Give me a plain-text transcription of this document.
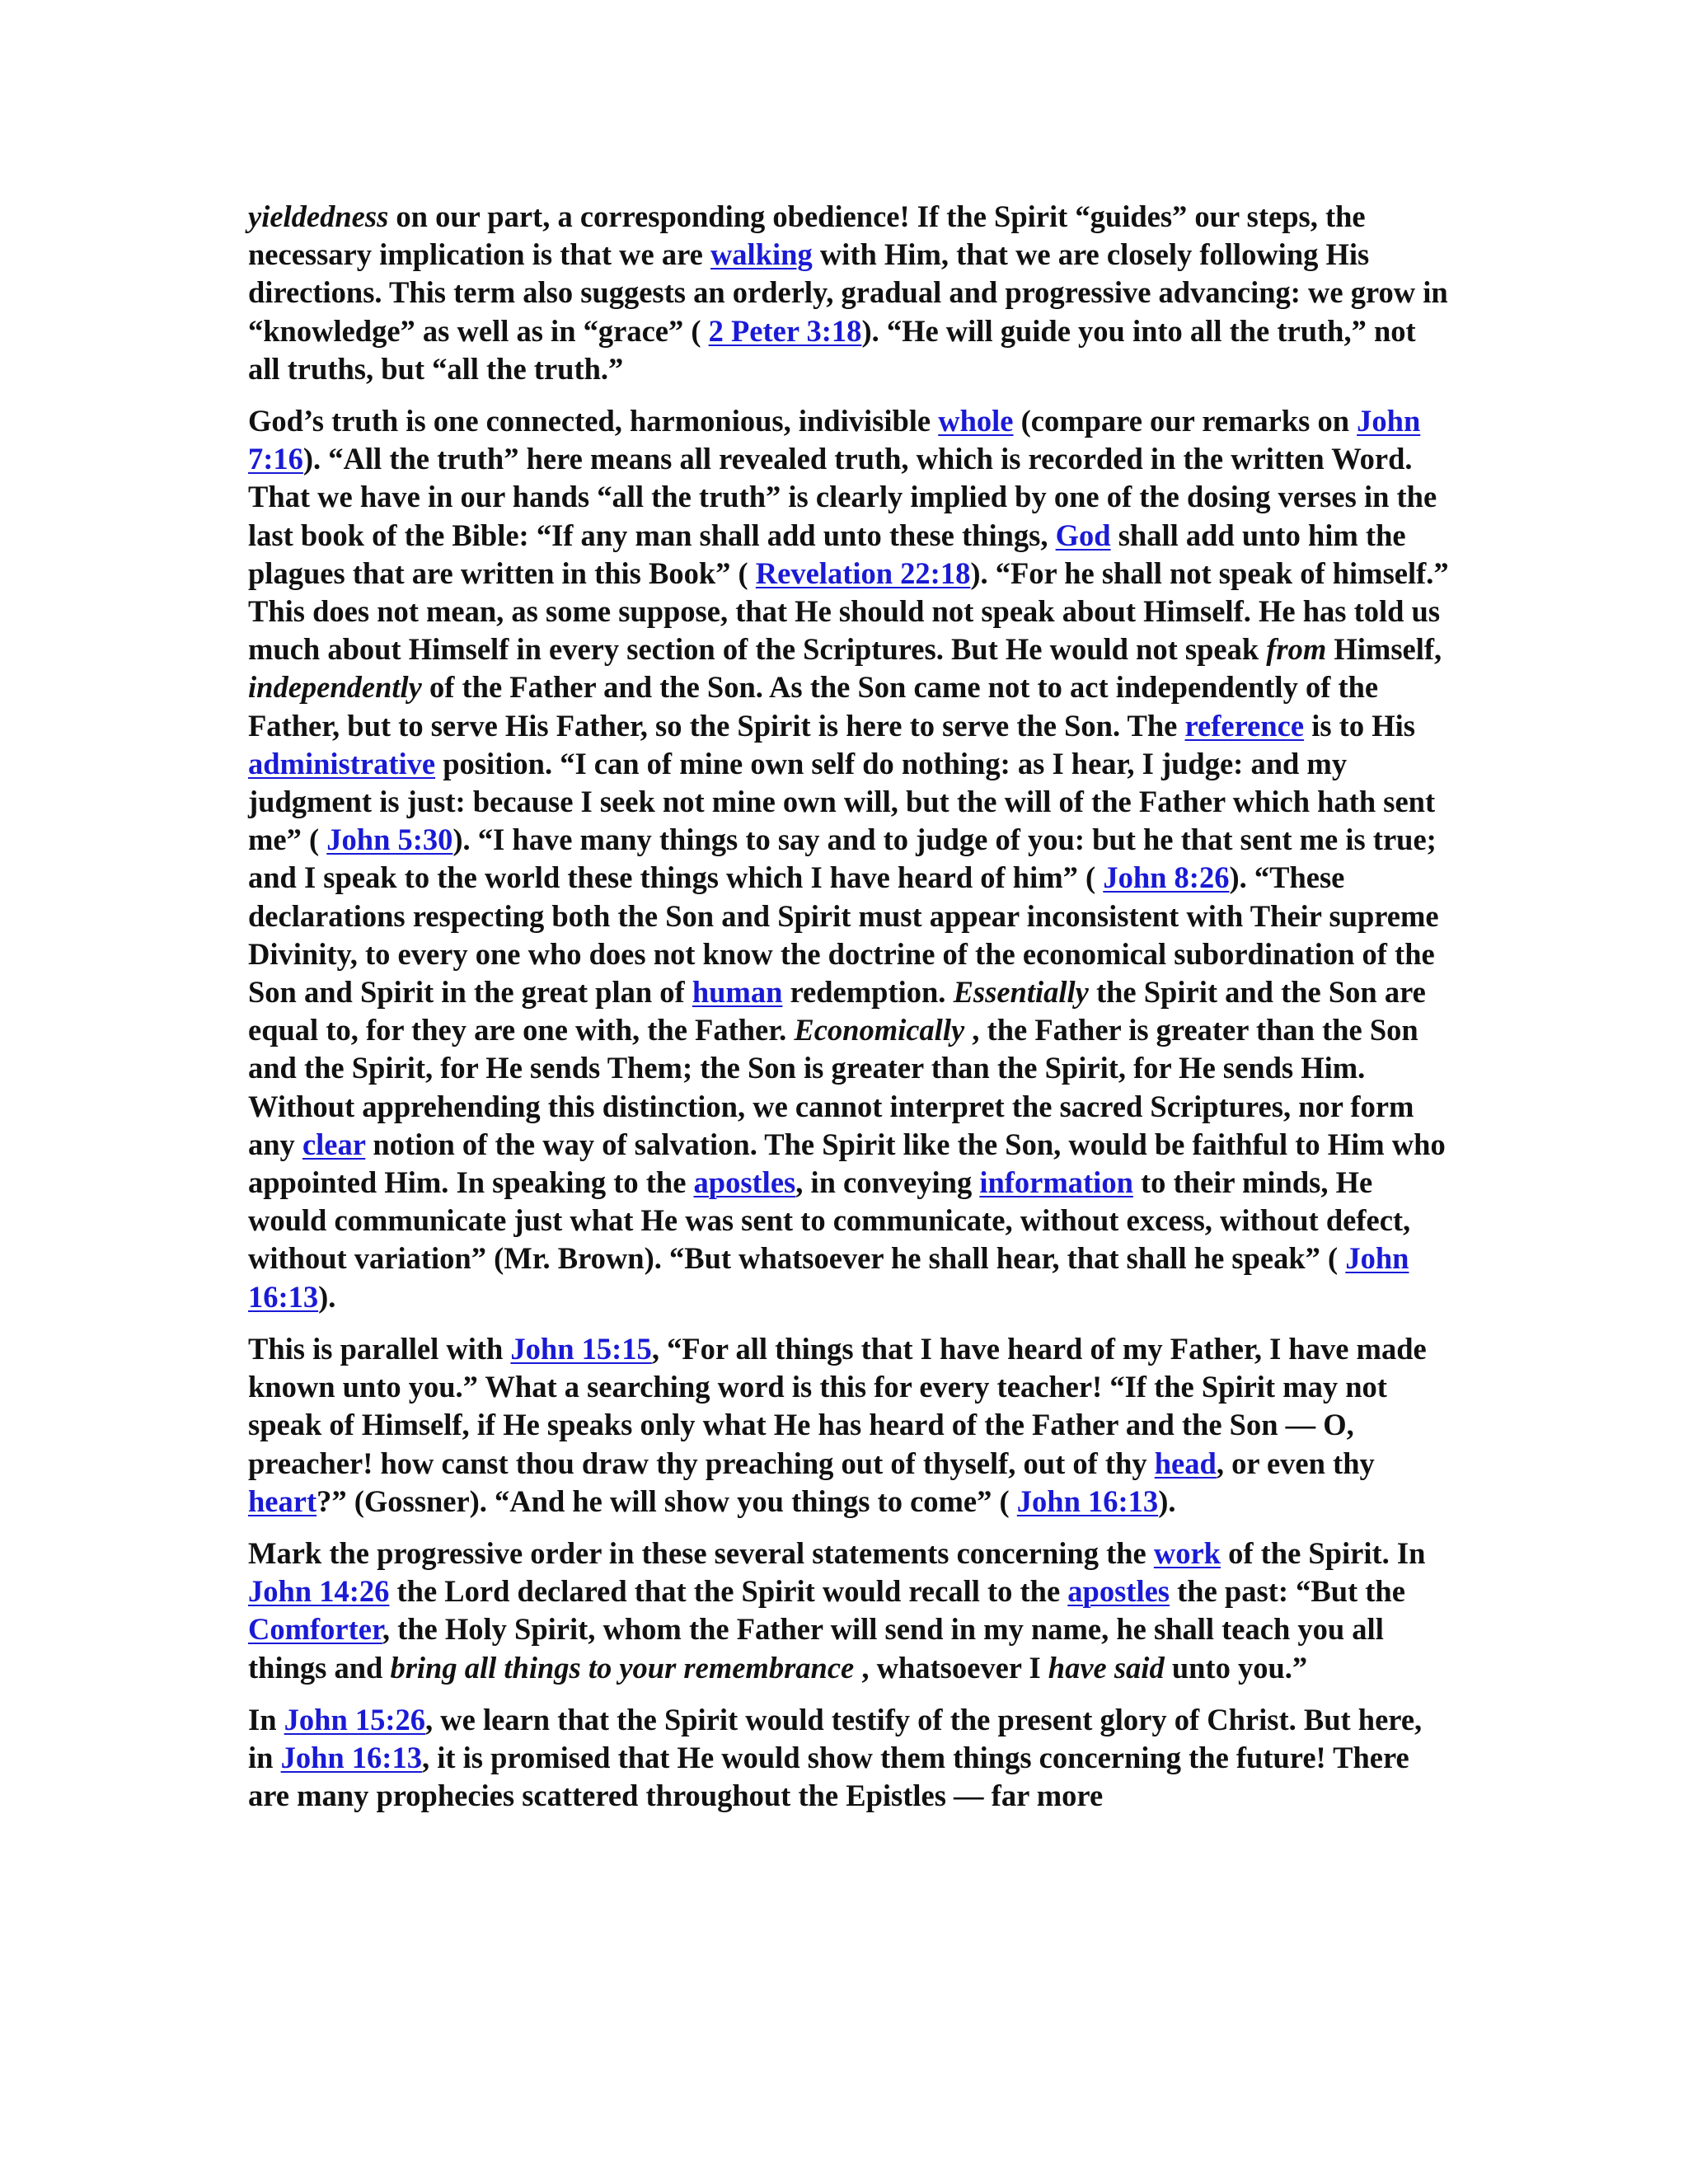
yieldedness on our part, a corresponding obedience! If the Spirit “guides” our steps, the necessary implication is that we are walking with Him, that we are closely following His directions. This term also suggests an orderly, gradual and progressive advancing: we grow in “knowledge” as well as in “grace” ( 2 Peter 3:18). “He will guide you into all the truth,” not all truths, but “all the truth.”

God’s truth is one connected, harmonious, indivisible whole (compare our remarks on John 7:16). “All the truth” here means all revealed truth, which is recorded in the written Word. That we have in our hands “all the truth” is clearly implied by one of the dosing verses in the last book of the Bible: “If any man shall add unto these things, God shall add unto him the plagues that are written in this Book” ( Revelation 22:18). “For he shall not speak of himself.” This does not mean, as some suppose, that He should not speak about Himself. He has told us much about Himself in every section of the Scriptures. But He would not speak from Himself, independently of the Father and the Son. As the Son came not to act independently of the Father, but to serve His Father, so the Spirit is here to serve the Son. The reference is to His administrative position. “I can of mine own self do nothing: as I hear, I judge: and my judgment is just: because I seek not mine own will, but the will of the Father which hath sent me” ( John 5:30). “I have many things to say and to judge of you: but he that sent me is true; and I speak to the world these things which I have heard of him” ( John 8:26). “These declarations respecting both the Son and Spirit must appear inconsistent with Their supreme Divinity, to every one who does not know the doctrine of the economical subordination of the Son and Spirit in the great plan of human redemption. Essentially the Spirit and the Son are equal to, for they are one with, the Father. Economically , the Father is greater than the Son and the Spirit, for He sends Them; the Son is greater than the Spirit, for He sends Him. Without apprehending this distinction, we cannot interpret the sacred Scriptures, nor form any clear notion of the way of salvation. The Spirit like the Son, would be faithful to Him who appointed Him. In speaking to the apostles, in conveying information to their minds, He would communicate just what He was sent to communicate, without excess, without defect, without variation” (Mr. Brown). “But whatsoever he shall hear, that shall he speak” ( John 16:13).

This is parallel with John 15:15, “For all things that I have heard of my Father, I have made known unto you.” What a searching word is this for every teacher! “If the Spirit may not speak of Himself, if He speaks only what He has heard of the Father and the Son — O, preacher! how canst thou draw thy preaching out of thyself, out of thy head, or even thy heart?” (Gossner). “And he will show you things to come” ( John 16:13).

Mark the progressive order in these several statements concerning the work of the Spirit. In John 14:26 the Lord declared that the Spirit would recall to the apostles the past: “But the Comforter, the Holy Spirit, whom the Father will send in my name, he shall teach you all things and bring all things to your remembrance , whatsoever I have said unto you.”

In John 15:26, we learn that the Spirit would testify of the present glory of Christ. But here, in John 16:13, it is promised that He would show them things concerning the future! There are many prophecies scattered throughout the Epistles — far more
